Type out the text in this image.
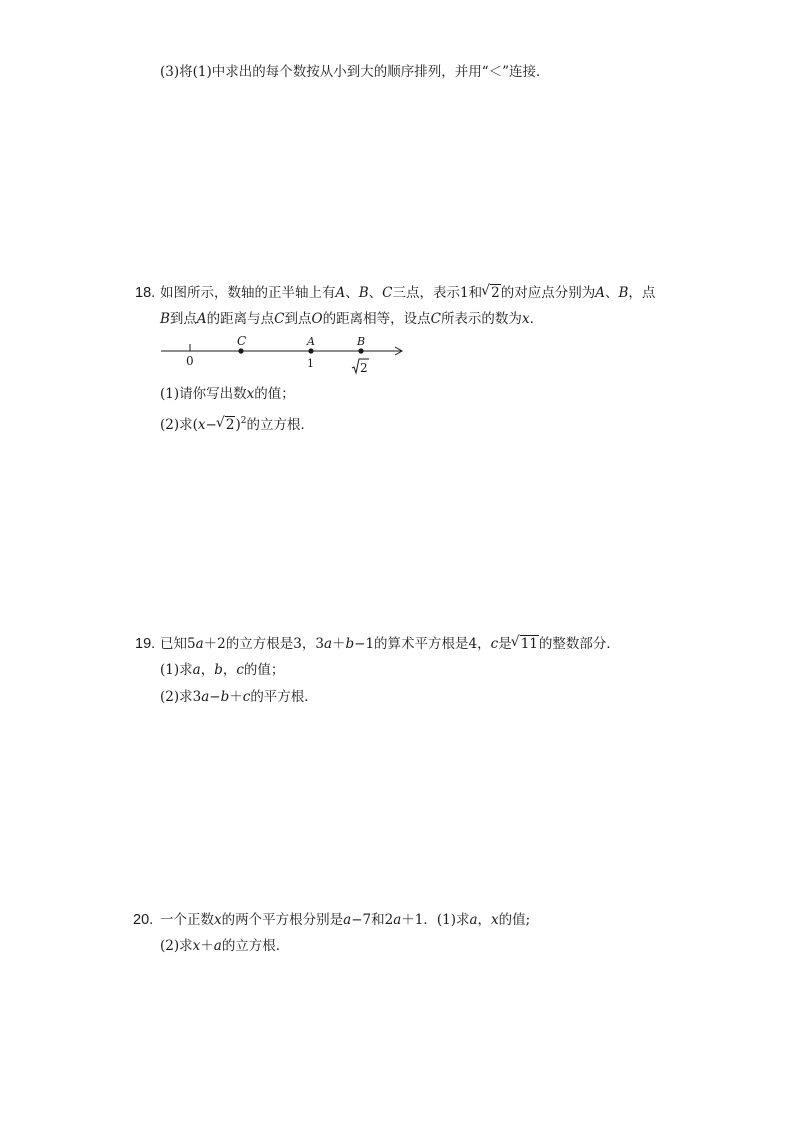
(3)将(1)中求出的每个数按从小到大的顺序排列，并用“＜”连接．
18. 如图所示，数轴的正半轴上有A、B、C三点，表示1和 √ 2的对应点分别为A、B，点
B到点A的距离与点C到点O的距离相等，设点C所表示的数为x．
0
C	A
1
B
2
(1)请你写出数x的值；
(2)求(x− √ 2)$^2$的立方根．
19. 已知5a＋2的立方根是3，3a＋b−1的算术平方根是4，c是 √ 11的整数部分．
(1)求a，b，c的值；
(2)求3a−b＋c的平方根．
20. 一个正数x的两个平方根分别是a−7和2a＋1．(1)求a，x的值;
(2)求x＋a的立方根．
